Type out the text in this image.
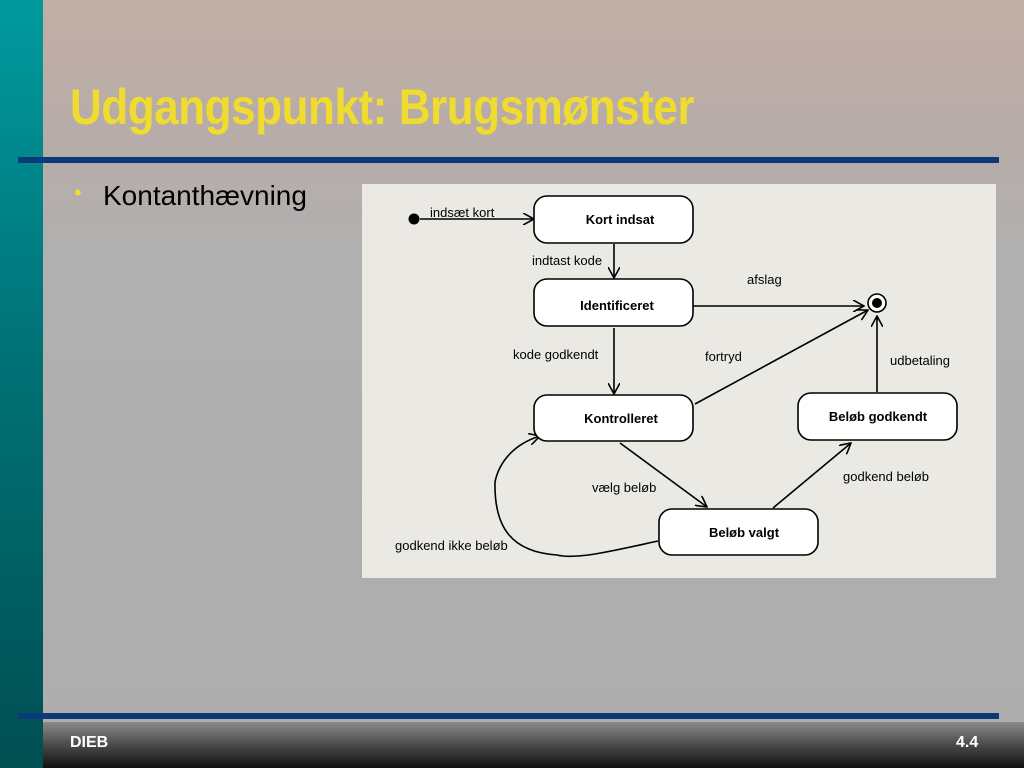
Udgangspunkt: Brugsmønster
• Kontanthævning
Kort indsat
Identificeret
Kontrolleret	Beløb godkendt
Beløb valgt
indsæt kort
indtast kode
afslag
kode godkendt	fortryd	udbetaling
vælg beløb
godkend beløb
godkend ikke beløb
DIEB	4.4
